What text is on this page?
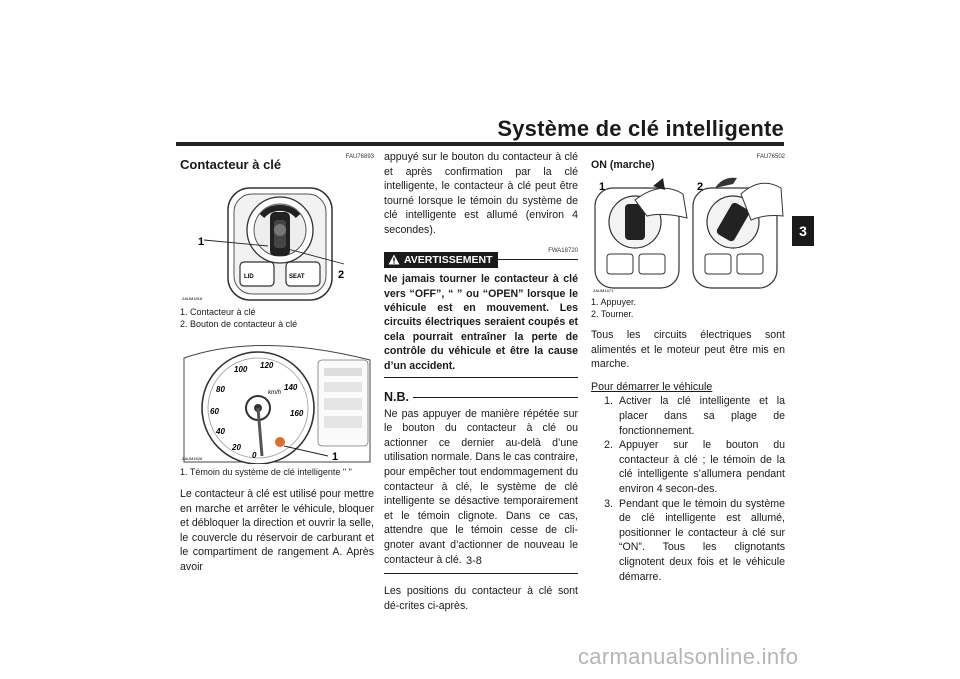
Système de clé intelligente
3
FAU76893
Contacteur à clé
LID	SEAT
1
2
ZAUM1818
1. Contacteur à clé
2. Bouton de contacteur à clé
km/h
0
20
40
60
80
100 120
140
160
1
ZAUM1826
1. Témoin du système de clé intelligente " "

Le contacteur à clé est utilisé pour mettre en marche et arrêter le véhicule, bloquer et débloquer la direction et ouvrir la selle, le couvercle du réservoir de carburant et le compartiment de rangement A. Après avoir

appuyé sur le bouton du contacteur à clé et après confirmation par la clé intelligente, le contacteur à clé peut être tourné lorsque le témoin du système de clé intelligente est allumé (environ 4 secondes).

FWA18720
AVERTISSEMENT
Ne jamais tourner le contacteur à clé vers “OFF”, “ ” ou “OPEN” lorsque le véhicule est en mouvement. Les circuits électriques seraient coupés et cela pourrait entraîner la perte de contrôle du véhicule et être la cause d’un accident.
N.B.

Ne pas appuyer de manière répétée sur le bouton du contacteur à clé ou actionner ce dernier au-delà d’une utilisation normale. Dans le cas contraire, pour empêcher tout endommagement du contacteur à clé, le système de clé intelligente se désactive temporairement et le témoin clignote. Dans ce cas, attendre que le témoin cesse de cli-gnoter avant d’actionner de nouveau le contacteur à clé.

Les positions du contacteur à clé sont dé-crites ci-après.

FAU76502
ON (marche)
1	2
ZAUM1471
1. Appuyer.
2. Tourner.

Tous les circuits électriques sont alimentés et le moteur peut être mis en marche.

Pour démarrer le véhicule
1. Activer la clé intelligente et la placer dans sa plage de fonctionnement.
2. Appuyer sur le bouton du contacteur à clé ; le témoin de la clé intelligente s’allumera pendant environ 4 secon-des.
3. Pendant que le témoin du système de clé intelligente est allumé, positionner le contacteur à clé sur “ON”. Tous les clignotants clignotent deux fois et le véhicule démarre.
3-8
carmanualsonline.info
